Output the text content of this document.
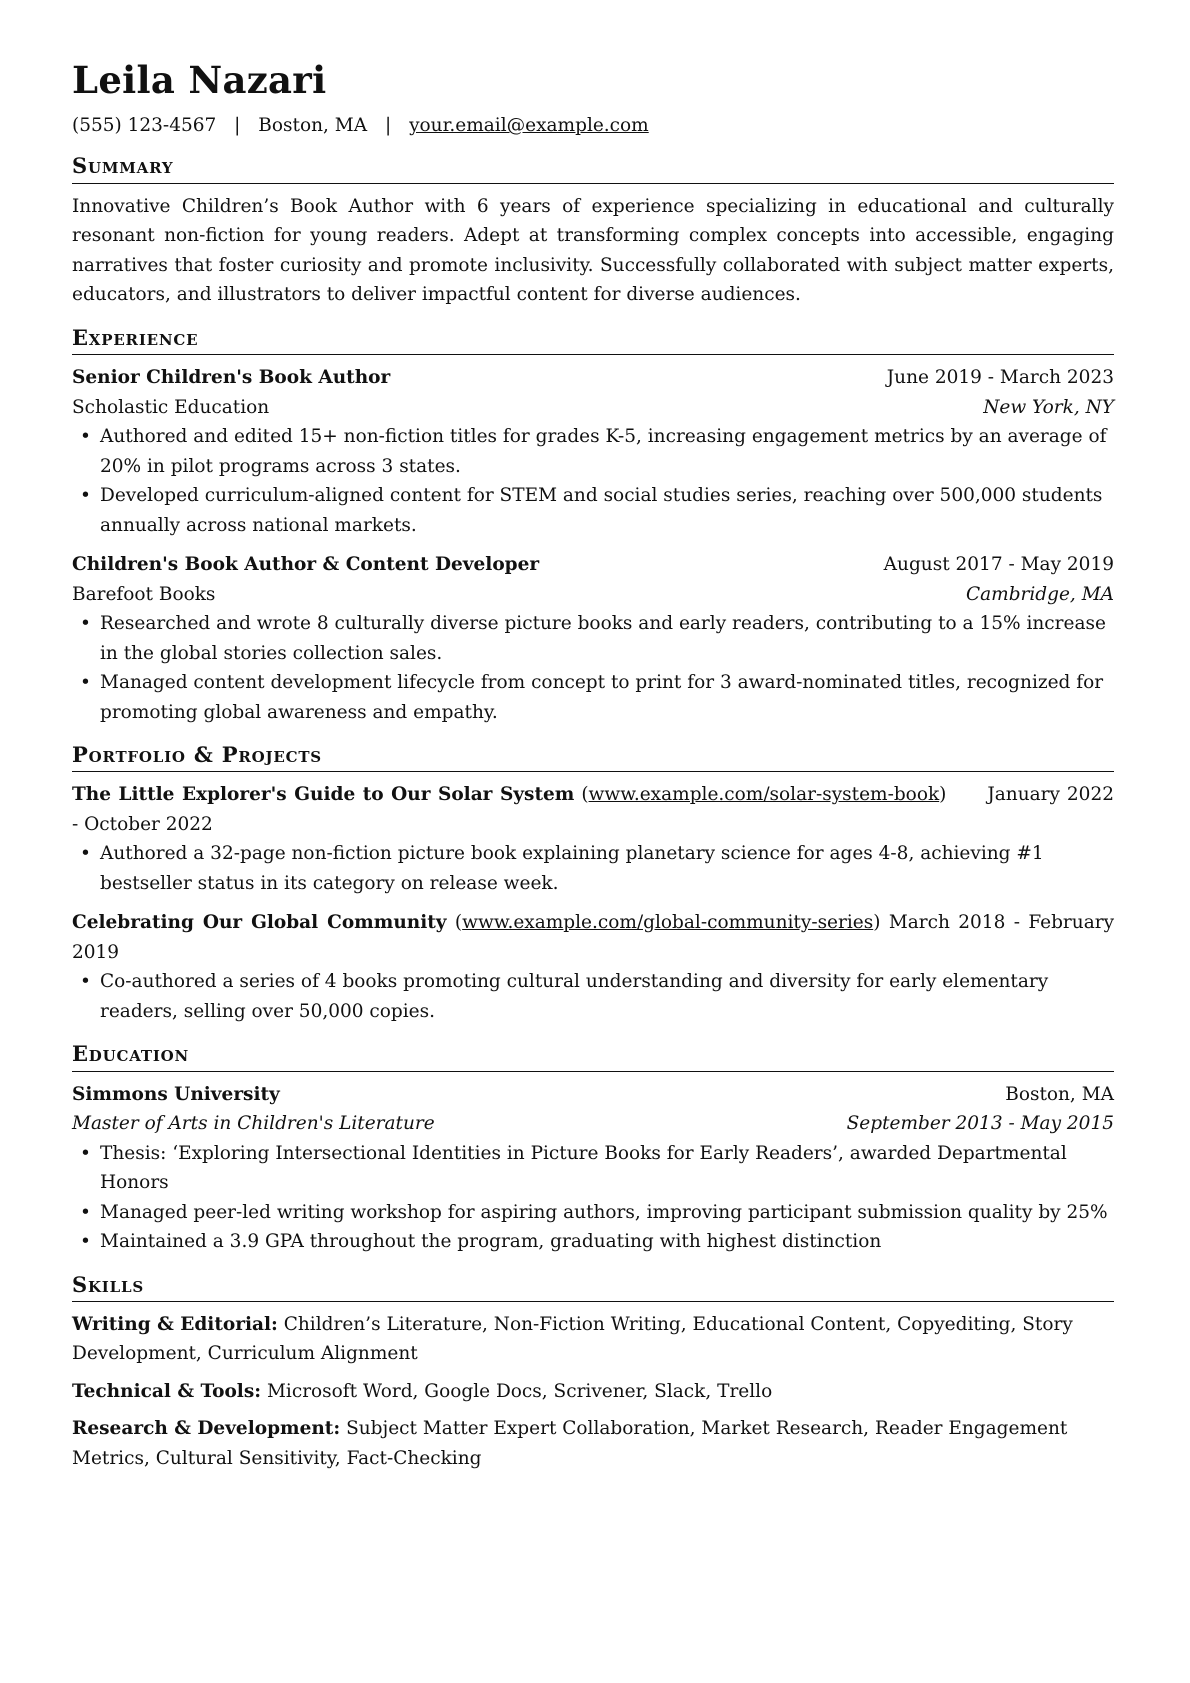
Leila Nazari
(555) 123-4567 | Boston, MA | your.email@example.com
Summary
Innovative Children’s Book Author with 6 years of experience specializing in educational and culturally resonant non-fiction for young readers. Adept at transforming complex concepts into accessible, engaging narratives that foster curiosity and promote inclusivity. Successfully collaborated with subject matter experts, educators, and illustrators to deliver impactful content for diverse audiences.
Experience
Senior Children's Book Author	June 2019 - March 2023
Scholastic Education	New York, NY
• Authored and edited 15+ non-fiction titles for grades K-5, increasing engagement metrics by an average of 20% in pilot programs across 3 states.
• Developed curriculum-aligned content for STEM and social studies series, reaching over 500,000 students annually across national markets.
Children's Book Author & Content Developer	August 2017 - May 2019
Barefoot Books	Cambridge, MA
• Researched and wrote 8 culturally diverse picture books and early readers, contributing to a 15% increase in the global stories collection sales.
• Managed content development lifecycle from concept to print for 3 award-nominated titles, recognized for promoting global awareness and empathy.
Portfolio & Projects
The Little Explorer's Guide to Our Solar System (www.example.com/solar-system-book) January 2022 - October 2022
• Authored a 32-page non-fiction picture book explaining planetary science for ages 4-8, achieving #1 bestseller status in its category on release week.
Celebrating Our Global Community (www.example.com/global-community-series) March 2018 - February 2019
• Co-authored a series of 4 books promoting cultural understanding and diversity for early elementary readers, selling over 50,000 copies.
Education
Simmons University	Boston, MA
Master of Arts in Children's Literature	September 2013 - May 2015
• Thesis: ‘Exploring Intersectional Identities in Picture Books for Early Readers’, awarded Departmental Honors
• Managed peer-led writing workshop for aspiring authors, improving participant submission quality by 25%
• Maintained a 3.9 GPA throughout the program, graduating with highest distinction
Skills
Writing & Editorial: Children’s Literature, Non-Fiction Writing, Educational Content, Copyediting, Story Development, Curriculum Alignment
Technical & Tools: Microsoft Word, Google Docs, Scrivener, Slack, Trello
Research & Development: Subject Matter Expert Collaboration, Market Research, Reader Engagement Metrics, Cultural Sensitivity, Fact-Checking
